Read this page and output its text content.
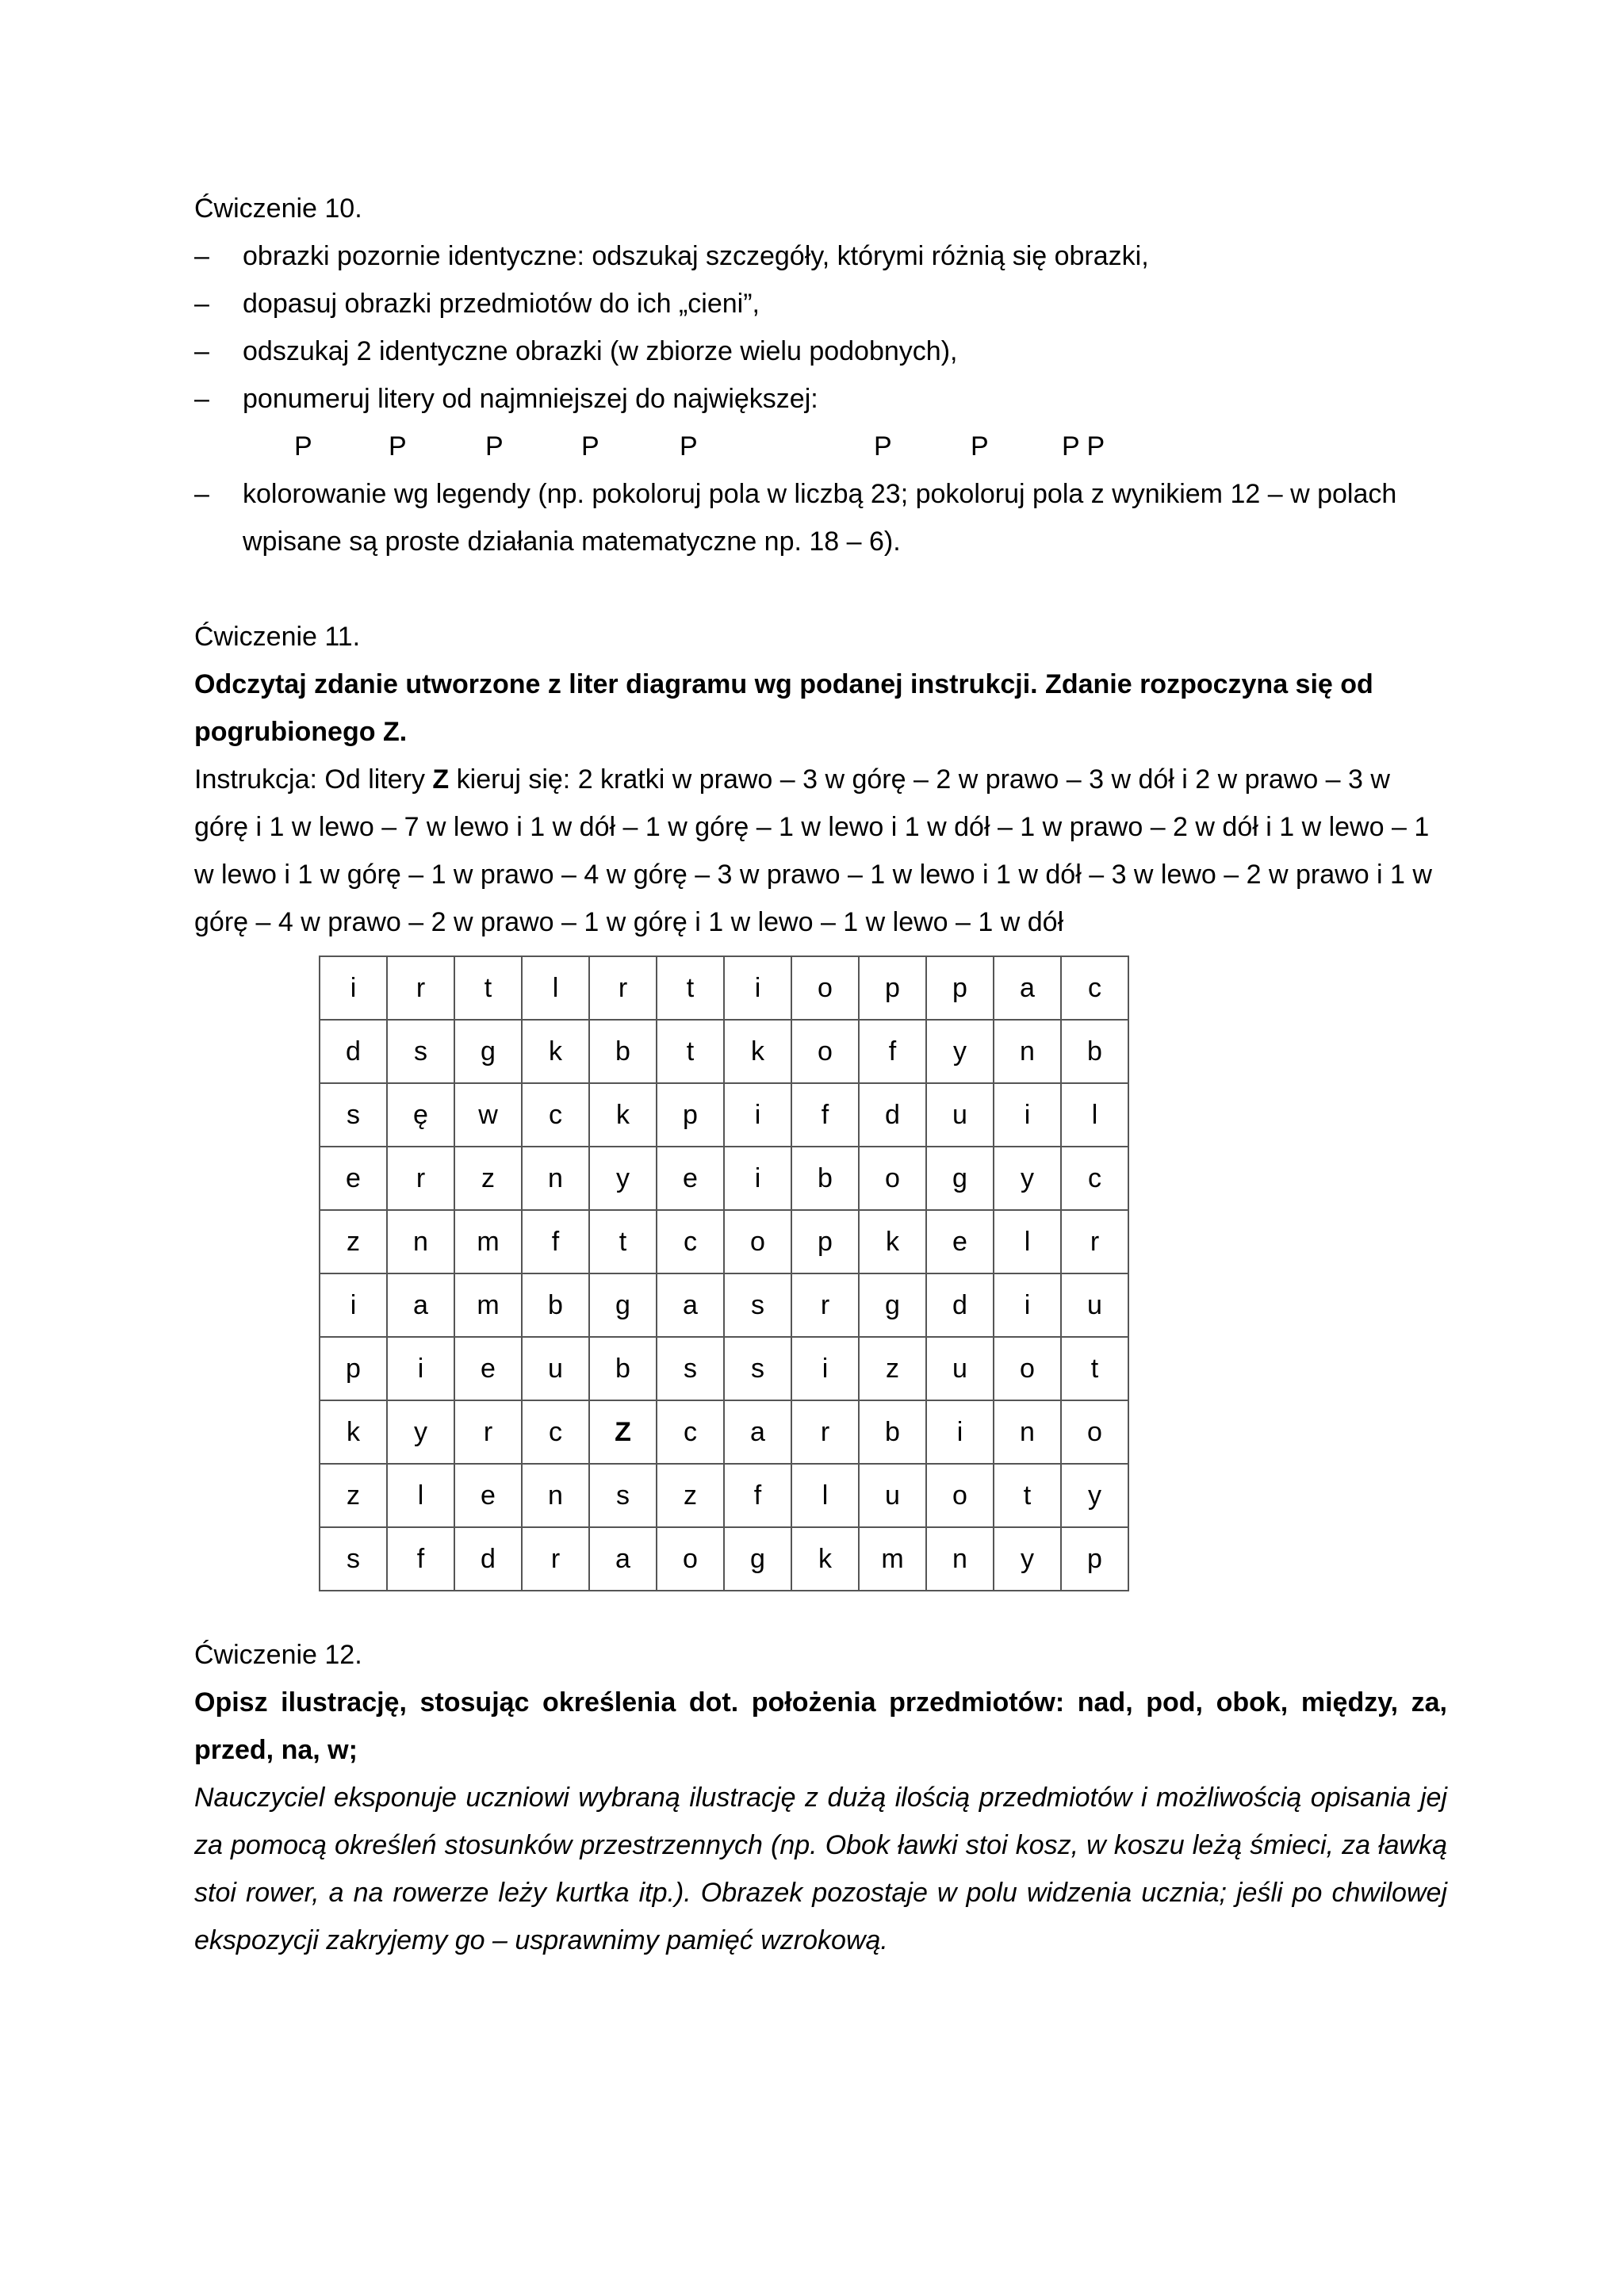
Ćwiczenie 10.

– obrazki pozornie identyczne: odszukaj szczegóły, którymi różnią się obrazki,
– dopasuj obrazki przedmiotów do ich „cieni”,
– odszukaj 2 identyczne obrazki (w zbiorze wielu podobnych),
– ponumeruj litery od najmniejszej do największej:
P	P	P	P	P	P	P	P P
– kolorowanie wg legendy (np. pokoloruj pola w liczbą 23; pokoloruj pola z wynikiem 12 – w polach
wpisane są proste działania matematyczne np. 18 – 6).

Ćwiczenie 11.

Odczytaj zdanie utworzone z liter diagramu wg podanej instrukcji. Zdanie rozpoczyna się od pogrubionego Z.

Instrukcja: Od litery Z kieruj się: 2 kratki w prawo – 3 w górę – 2 w prawo – 3 w dół i 2 w prawo – 3 w górę i 1 w lewo – 7 w lewo i 1 w dół – 1 w górę – 1 w lewo i 1 w dół – 1 w prawo – 2 w dół i 1 w lewo – 1 w lewo i 1 w górę – 1 w prawo – 4 w górę – 3 w prawo – 1 w lewo i 1 w dół – 3 w lewo – 2 w prawo i 1 w górę – 4 w prawo – 2 w prawo – 1 w górę i 1 w lewo – 1 w lewo – 1 w dół

i	r	t	l	r	t	i	o	p	p	a	c
d	s	g	k	b	t	k	o	f	y	n	b
s	ę	w	c	k	p	i	f	d	u	i	l
e	r	z	n	y	e	i	b	o	g	y	c
z	n	m	f	t	c	o	p	k	e	l	r
i	a	m	b	g	a	s	r	g	d	i	u
p	i	e	u	b	s	s	i	z	u	o	t
k	y	r	c	Z	c	a	r	b	i	n	o
z	l	e	n	s	z	f	l	u	o	t	y
s	f	d	r	a	o	g	k	m	n	y	p

Ćwiczenie 12.

Opisz ilustrację, stosując określenia dot. położenia przedmiotów: nad, pod, obok, między, za, przed, na, w;

Nauczyciel eksponuje uczniowi wybraną ilustrację z dużą ilością przedmiotów i możliwością opisania jej za pomocą określeń stosunków przestrzennych (np. Obok ławki stoi kosz, w koszu leżą śmieci, za ławką stoi rower, a na rowerze leży kurtka itp.). Obrazek pozostaje w polu widzenia ucznia; jeśli po chwilowej ekspozycji zakryjemy go – usprawnimy pamięć wzrokową.
